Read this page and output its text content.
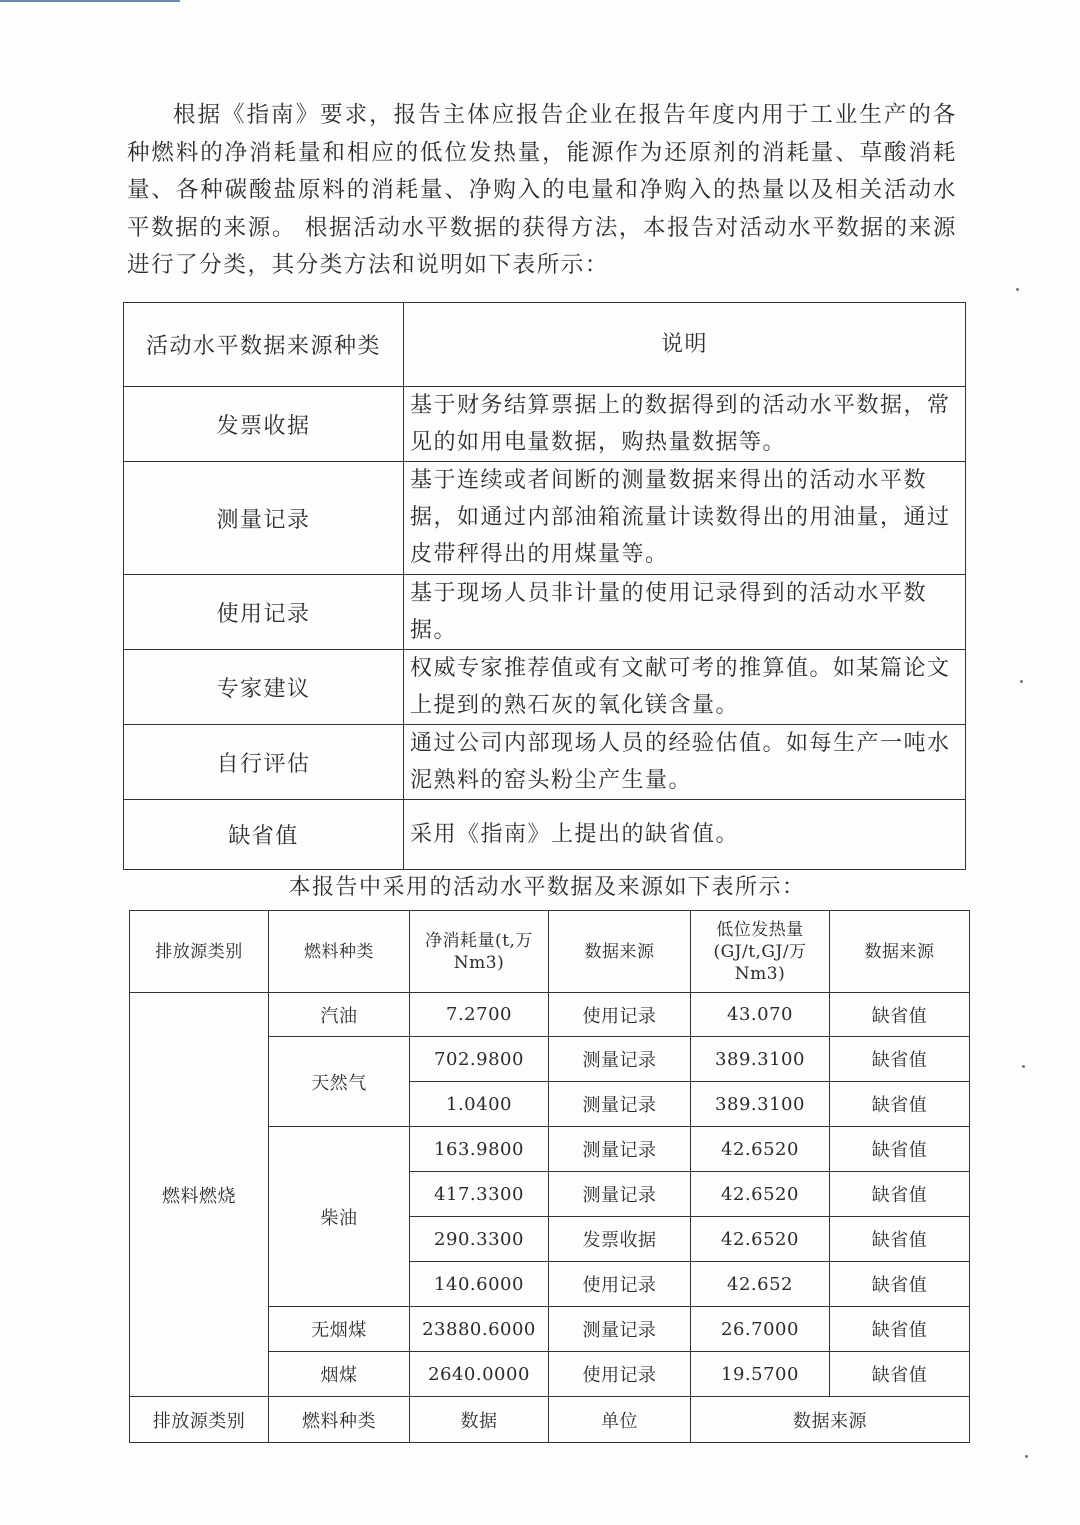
根据《指南》要求，报告主体应报告企业在报告年度内用于工业生产的各种燃料的净消耗量和相应的低位发热量，能源作为还原剂的消耗量、草酸消耗量、各种碳酸盐原料的消耗量、净购入的电量和净购入的热量以及相关活动水平数据的来源。 根据活动水平数据的获得方法，本报告对活动水平数据的来源进行了分类，其分类方法和说明如下表所示：

活动水平数据来源种类	说明
发票收据	基于财务结算票据上的数据得到的活动水平数据，常见的如用电量数据，购热量数据等。
测量记录	基于连续或者间断的测量数据来得出的活动水平数据，如通过内部油箱流量计读数得出的用油量，通过皮带秤得出的用煤量等。
使用记录	基于现场人员非计量的使用记录得到的活动水平数据。
专家建议	权威专家推荐值或有文献可考的推算值。如某篇论文上提到的熟石灰的氧化镁含量。
自行评估	通过公司内部现场人员的经验估值。如每生产一吨水泥熟料的窑头粉尘产生量。
缺省值	采用《指南》上提出的缺省值。
本报告中采用的活动水平数据及来源如下表所示：
排放源类别	燃料种类	净消耗量(t,万Nm3)	数据来源	低位发热量(GJ/t,GJ/万Nm3)	数据来源
燃料燃烧	汽油	7.2700	使用记录	43.070	缺省值
	天然气	702.9800	测量记录	389.3100	缺省值
		1.0400	测量记录	389.3100	缺省值
	柴油	163.9800	测量记录	42.6520	缺省值
		417.3300	测量记录	42.6520	缺省值
		290.3300	发票收据	42.6520	缺省值
		140.6000	使用记录	42.652	缺省值
	无烟煤	23880.6000	测量记录	26.7000	缺省值
	烟煤	2640.0000	使用记录	19.5700	缺省值
排放源类别	燃料种类	数据	单位	数据来源	
